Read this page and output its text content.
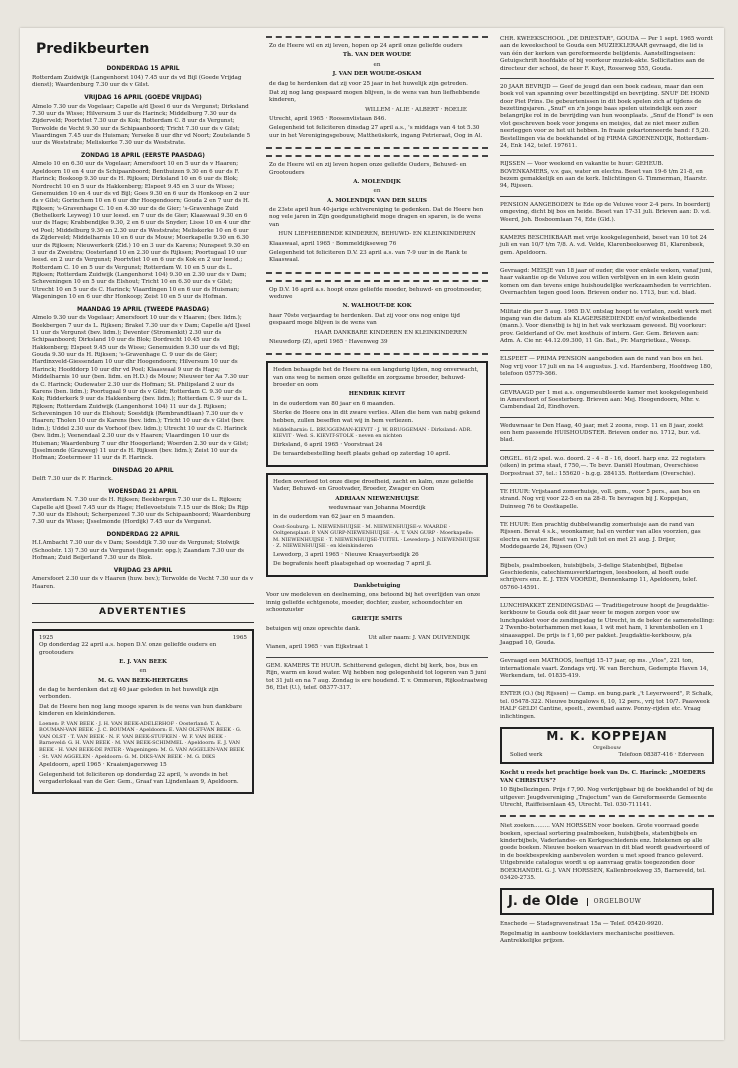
Predikbeurten
DONDERDAG 15 APRIL

Rotterdam Zuidwijk (Langenhorst 104) 7.45 uur ds vd Bijl (Goede Vrijdag dienst); Waardenburg 7.30 uur ds v Gilst.

VRIJDAG 16 APRIL (GOEDE VRIJDAG)

Almelo 7.30 uur ds Vogelaar; Capelle a/d IJssel 6 uur ds Vergunst; Dirksland 7.30 uur ds Wisse; Hilversum 3 uur ds Harinck; Middelburg 7.30 uur ds Zijderveld; Poortvliet 7.30 uur ds Kok; Rotterdam C. 8 uur ds Vergunst; Terwolde de Vecht 9.30 uur ds Schipaanboord; Tricht 7.30 uur ds v Gilst; Vlaardingen 7.45 uur ds Huisman; Yerseke 8 uur dhr vd Noort; Zoutelande 5 uur ds Weststrate; Meliskerke 7.30 uur ds Weststrate.

ZONDAG 18 APRIL (EERSTE PAASDAG)

Almelo 10 en 6.30 uur ds Vogelaar; Amersfoort 10 en 5 uur ds v Haaren; Apeldoorn 10 en 4 uur ds Schipaanboord; Benthuizen 9.30 en 6 uur ds F. Harinck; Boskoop 9.30 uur ds H. Rijksen; Dirksland 10 en 6 uur ds Blok; Nordrecht 10 en 5 uur ds Hakkenberg; Elspeet 9.45 en 3 uur ds Wisse; Genemuiden 10 en 4 uur ds vd Bijl; Goes 9.30 en 6 uur ds Honkoop en 2 uur ds v Gilst; Gorinchem 10 en 6 uur dhr Hoogendoorn; Gouda 2 en 7 uur ds H. Rijksen; 's-Gravenhage C. 10 en 4.30 uur ds de Gier; 's-Gravenhage Zuid (Bethelkerk Leyweg) 10 uur leesd. en 7 uur ds de Gier; Klaaswaal 9.30 en 6 uur ds Hage; Krabbendijke 9.30, 2 en 6 uur ds Snyder; Lisse 10 en 4 uur dhr vd Poel; Middelburg 9.30 en 2.30 uur ds Weststrate; Meliskerke 10 en 6 uur ds Zijderveld; Middelharnis 10 en 6 uur ds Mouw; Moerkapelle 9.30 en 6.30 uur ds Rijksen; Nieuwerkerk (Zld.) 10 en 3 uur ds Karens; Nunspeet 9.30 en 3 uur ds Zweistra; Oosterland 10 en 2.30 uur ds Rijksen; Poortugaal 10 uur leesd. en 2 uur ds Vergunst; Poortvliet 10 en 6 uur ds Kok en 2 uur leesd.; Rotterdam C. 10 en 5 uur ds Vergunst; Rotterdam W. 10 en 5 uur ds L. Rijksen; Rotterdam Zuidwijk (Langenhorst 104) 9.30 en 2.30 uur ds v Dam; Scheveningen 10 en 5 uur ds Elshout; Tricht 10 en 6.30 uur ds v Gilst; Utrecht 10 en 5 uur ds C. Harinck; Vlaardingen 10 en 6 uur ds Huisman; Wageningen 10 en 6 uur dhr Honkoop; Zeist 10 en 5 uur ds Hofman.

MAANDAG 19 APRIL (TWEEDE PAASDAG)

Almelo 9.30 uur ds Vogelaar; Amersfoort 10 uur ds v Haaren; (bev. lidm.); Beekbergen 7 uur ds L. Rijksen; Brakel 7.30 uur ds v Dam; Capelle a/d IJssel 11 uur ds Vergunst (bev. lidm.); Deventer (Stromenkit) 2.30 uur ds Schipaanboord; Dirksland 10 uur ds Blok; Dordrecht 10.45 uur ds Hakkenberg; Elspeet 9.45 uur ds Wisse; Genemuiden 9.30 uur ds vd Bijl; Gouda 9.30 uur ds H. Rijksen; 's-Gravenhage C. 9 uur ds de Gier; Hardinxveld-Giessendam 10 uur dhr Hoogendoorn; Hilversum 10 uur ds Harinck; Hoofddorp 10 uur dhr vd Poel; Klaaswaal 9 uur ds Hage; Middelharnis 10 uur (ben. lidm. en H.D.) ds Mouw; Nieuwer ter Aa 7.30 uur ds C. Harinck; Oudewater 2.30 uur ds Hofman; St. Philipsland 2 uur ds Karens (ben. lidm.); Poortugaal 9 uur ds v Gilst; Rotterdam C. 9.30 uur ds Kok; Ridderkerk 9 uur ds Hakkenberg (bev. lidm.); Rotterdam C. 9 uur ds L. Rijksen; Rotterdam Zuidwijk (Langenhorst 104) 11 uur ds J. Rijksen; Scheveningen 10 uur ds Elshout; Soestdijk (Rembrandtlaan) 7.30 uur ds v Haaren; Tholen 10 uur ds Karens (bev. lidm.); Tricht 10 uur ds v Gilst (bev. lidm.); Uddel 2.30 uur ds Vorhoof (bev. lidm.); Utrecht 10 uur ds C. Harinck (bev. lidm.); Veenendaal 2.30 uur ds v Haaren; Vlaardingen 10 uur ds Huisman; Waardenburg 7 uur dhr Hoogerland; Woerden 2.30 uur ds v Gilst; IJsselmonde (Grazweg) 11 uur ds H. Rijksen (bev. lidm.); Zeist 10 uur ds Hofman; Zoetermeer 11 uur ds F. Harinck.

DINSDAG 20 APRIL

Delft 7.30 uur ds F. Harinck.

WOENSDAG 21 APRIL

Amsterdam N. 7.30 uur ds H. Rijksen; Beekbergen 7.30 uur ds L. Rijksen; Capelle a/d IJssel 7.45 uur ds Hage; Hellevoetsluis 7.15 uur ds Blok; Ds Rijp 7.30 uur ds Elshout; Scherpenzeel 7.30 uur ds Schipaanboord; Waardenburg 7.30 uur ds Wisse; IJsselmonde (Hordijk) 7.45 uur ds Vergunst.

DONDERDAG 22 APRIL

H.I.Ambacht 7.30 uur ds v Dam; Soestdijk 7.30 uur ds Vergunst; Stolwijk (Schoolstr. 13) 7.30 uur ds Vergunst (tegenstr. opg.); Zaandam 7.30 uur ds Hofman; Zuid Beijerland 7.30 uur ds Blok.

VRIJDAG 23 APRIL

Amersfoort 2.30 uur ds v Haaren (huw. bev.); Terwolde de Vecht 7.30 uur ds v Haaren.

ADVERTENTIES
1925	1965

Op donderdag 22 april a.s. hopen D.V. onze geliefde ouders en grootouders

E. J. VAN BEEK

en

M. G. VAN BEEK-HERTGERS

de dag te herdenken dat zij 40 jaar geleden in het huwelijk zijn verbonden.

Dat de Heere hen nog lang mooge sparen is de wens van hun dankbare kinderen en kleinkinderen.

Loenen: P. VAN BEEK · J. H. VAN BEEK-ADELERHOF · Oosterland: T. A. BOUMAN-VAN BEEK · J. C. BOUMAN · Apeldoorn: E. VAN OLST-VAN BEEK · G. VAN OLST · T. VAN BEEK · N. F. VAN BEEK-STUFKEN · W. F. VAN BEEK · Barneveld: G. H. VAN BEEK · M. VAN BEEK-SCHIMMEL · Apeldoorn: E. J. VAN BEEK · H. VAN BEEK-DE PATER · Wageningen: M. G. VAN AGGELEN-VAN BEEK · St. VAN AGGELEN · Apeldoorn: G. M. DIKS-VAN BEEK · M. G. DIKS

Apeldoorn, april 1965 · Kraaienjagersweg 15

Gelegenheid tot feliciteren op donderdag 22 april, 's avonds in het vergaderlokaal van de Ger. Gem., Graaf van Lijndenlaan 9, Apeldoorn.

Zo de Heere wil en zij leven, hopen op 24 april onze geliefde ouders

Th. VAN DER WOUDE

en

J. VAN DER WOUDE-OSKAM

de dag te herdenken dat zij voor 25 jaar in het huwelijk zijn getreden.

Dat zij nog lang gespaard mogen blijven, is de wens van hun liefhebbende kinderen,

WILLEM · ALIE · ALBERT · ROELIE

Utrecht, april 1965 · Roosenvlistaan 846.

Gelegenheid tot feliciteren dinsdag 27 april a.s., 's middags van 4 tot 5.30 uur in het Verenigingsgebouw, Mattheüskerk, ingang Petrieraat, Oog in Al.

Zo de Heere wil en zij leven hopen onze geliefde Ouders, Behuwd- en Grootouders

A. MOLENDIJK

en

A. MOLENDIJK VAN DER SLUIS

de 23ste april hun 40-jarige echtvereniging te gedenken. Dat de Heere hen nog vele jaren in Zijn goedgunstigheid moge dragen en sparen, is de wens van

HUN LIEFHEBBENDE KINDEREN, BEHUWD- EN KLEINKINDEREN

Klaaswaal, april 1965 · Bommeldijkseweg 76

Gelegenheid tot feliciteren D.V. 23 april a.s. van 7-9 uur in de Rank te Klaaswaal.

Op D.V. 16 april a.s. hoopt onze geliefde moeder, behuwd- en grootmoeder, weduwe

N. WALHOUT-DE KOK

haar 70ste verjaardag te herdenken. Dat zij voor ons nog enige tijd gespaard moge blijven is de wens van

HAAR DANKBARE KINDEREN EN KLEINKINDEREN

Nieuwdorp (Z), april 1965 · Havenweg 39

Heden behaagde het de Heere na een langdurig lijden, nog onverwacht, van ons weg te nemen onze geliefde en zorgzame broeder, behuwd-broeder en oom

HENDRIK KIEVIT

in de ouderdom van 80 jaar en 6 maanden.

Sterke de Heere ons in dit zware verlies. Allen die hem van nabij gekend hebben, zullen beseffen wat wij in hem verliezen.

Middelharnis: L. BRUGGEMAN-KIEVIT · J. W. BRUGGEMAN · Dirksland: ADR. KIEVIT · Wed. S. KIEVIT-STOLK · neven en nichten

Dirksland, 6 april 1965 · Voorstraat 24

De teraardebestelling heeft plaats gehad op zaterdag 10 april.

Heden overleed tot onze diepe droefheid, zacht en kalm, onze geliefde Vader, Behuwd- en Grootvader, Broeder, Zwager en Oom

ADRIAAN NIEWENHUIJSE

weduwnaar van Johanna Moerdijk

in de ouderdom van 62 jaar en 5 maanden.

Oost-Souburg: L. NIEWENHUIJSE · M. NIEWENHUIJSE-v. WAARDE · Ooltgensplaat: P. VAN GURP-NIEWENHUIJSE · A. T. VAN GURP · Moerkapelle: M. NIEWENHUIJSE · T. NIEWENHUIJSE-TUITEL · Lewedorp: J. NIEWENHUIJSE · Z. NIEWENHUIJSE · en kleinkinderen

Lewedorp, 3 april 1965 · Nieuwe Kraayertsedijk 26

De begrafenis heeft plaatsgehad op woensdag 7 april jl.

Dankbetuiging

Voor uw medeleven en deelneming, ons betoond bij het overlijden van onze innig geliefde echtgenote, moeder, dochter, zuster, schoondochter en schoonzuster

GRIETJE SMITS

betuigen wij onze oprechte dank.

Uit aller naam: J. VAN DUIVENDIJK

Vianen, april 1965 · van Eijkstraat 1

GEM. KAMERS TE HUUR. Schitterend gelegen, dicht bij kerk, bos, bus en Rijn, warm en koud water. Wij hebben nog gelegenheid tot logeren van 5 juni tot 31 juli en na 7 aug. Zondag is ere houdend. T. v. Ommeren, Rijksstraatweg 56, Elst (U.), telef. 08377-317.

CHR. KWEEKSCHOOL „DE DRIESTAR", GOUDA — Per 1 sept. 1965 wordt aan de kweekschool te Gouda een MUZIEKLERAAR gevraagd, die lid is van één der kerken van gereformeerde belijdenis. Aanstellingseisen: Getuigschrift hoofdakte of bij voorkeur muziek-akte. Sollicitaties aan de directeur der school, de heer F. Kuyt, Rosseweg 555, Gouda.

20 JAAR BEVRIJD — Geef de jeugd dan een boek cadeau, maar dan een boek vol van spanning over bezettingstijd en bevrijding. SNUF DE HOND door Piet Prins. De gebeurtenissen in dit boek spelen zich af tijdens de bezettingsjaren. „Snuf" en z'n jonge baas spelen uiteindelijk een zeer belangrijke rol in de bevrijding van hun woonplaats. „Snuf de Hond" is een vlot geschreven boek voor jongens en meisjes, dat ze niet meer zullen neerleggen voor ze het uit hebben. In fraaie gekartonneerde band: f 5,20. Bestellingen via de boekhandel of bij FIRMA GROENENDIJK, Rotterdam-24, Enk 142, telef. 197611.

RIJSSEN — Voor weekend en vakantie te huur: GEHEUB. BOVENKAMERS, v.v. gas, water en electra. Beset van 19-6 t/m 21-8, en bezem gemakkelijk en aan de kerk. Inlichtingen G. Timmerman, Haarstr. 94, Rijssen.

PENSION AANGEBODEN te Ede op de Veluwe voor 2-4 pers. In boerderij omgeving, dicht bij bos en heide. Beset van 17-31 juli. Brieven aan: D. v.d. Weerd, Joh. Bosboomlaan 74, Ede (Gld.).

KAMERS BESCHIKBAAR met vrije kookgelegenheid, beset van 10 tot 24 juli en van 10/7 t/m 7/8. A. v.d. Velde, Klarenbeekseweg 81, Klarenbeek, gem. Apeldoorn.

Gevraagd: MEISJE van 18 jaar of ouder, die voor enkele weken, vanaf juni, haar vakantie op de Veluwe zou willen verblijven en in een klein gezin komen om dan tevens enige huishoudelijke werkzaamheden te verrichten. Overnachten tegen goed loon. Brieven onder no. 1713, bur. v.d. blad.

Militair die per 5 aug. 1965 D.V. ontslag hoopt te verlaten, zoekt werk met ingang van die datum als KLAGERSBEDIENDE en/of winkelbediende (mann.). Voor dienstbij is hij in het vak werkzaam geweest. Bij voorkeur: prov. Gelderland of Ov. met kosthuis of intern. Ger. Gem. Brieven aan: Adm. A. Cie nr. 44.12.09.300, 11 Gn. Bat., Pr. Margrietkaz., Weesp.

ELSPEET — PRIMA PENSION aangeboden aan de rand van bos en hei. Nog vrij voor 17 juli en na 14 augustus. J. v.d. Hardenberg, Hoofdweg 180, telefoon 05779-366.

GEVRAAGD per 1 mei a.s. ongemeubileerde kamer met kookgelegenheid in Amersfoort of Soesterberg. Brieven aan: Mej. Hoogendoorn, Mhr. v. Cambendaal 2d, Eindhoven.

Weduwnaar te Den Haag, 40 jaar, met 2 zoons, resp. 11 en 8 jaar, zoekt een hem passende HUISHOUDSTER. Brieven onder no. 1712, bur. v.d. blad.

ORGEL. 61/2 spel. w.o. doord. 2 - 4 - 8 - 16, doorl. harp enz. 22 registers (siken) in prima staat, f 750,—. Te bevr. Daniël Houtman, Overschiese Dorpsstraat 37, tel.: 155620 - b.g.g. 284135. Rotterdam (Overschie).

TE HUUR: Vrijstaand zomerhuisje, voll. gem., voor 5 pers., aan bos en strand. Nog vrij voor 22-5 en na 28-8. Te bevragen bij J. Koppejan, Duinweg 76 te Oostkapelle.

TE HUUR: Een prachtig dubbelwandig zomerhuisje aan de rand van Rijssen. Bevat 4 s.k., woonkamer, hal en verder van alles voorzien, gas electra en water. Beset van 17 juli tot en met 21 aug. J. Drijer, Moddegaarde 24, Rijssen (Ov.)

Bijbels, psalmboeken, huisbijbels, 3-delige Statenbijbel, Bijbelse Geschiedenis, catechismusverklaringen, leesboeken, al heeft oude schrijvers enz. E. J. TEN VOORDE, Dennenkamp 11, Apeldoorn, telef. 05760-14591.

LUNCHPAKKET ZENDINGSDAG — Traditiegetrouw hoopt de Jeugdaktie-kerkbouw te Gouda ook dit jaar weer te mogen zorgen voor uw lunchpakket voor de zendingsdag te Utrecht, in de beker de samenstelling: 2 Twenbo-boterhammen met kaas, 1 wit met ham, 1 krentenbollen en 1 sinaasappel. De prijs is f 1,60 per pakket. Jeugdaktie-kerkbouw, p/a Jaagpad 10, Gouda.

Gevraagd een MATROOS, leeftijd 15-17 jaar, op ms. „Vlos", 221 ton, internationale vaart. Zondags vrij. W. van Berchum, Gedempte Haven 14, Werkendam, tel. 01835-419.

ENTER (O.) (bij Rijssen) — Camp. en bung.park „'t Leyerweerd", P. Schalk, tel. 05478-322. Nieuwe bungalows 6, 10, 12 pers., vrij tot 10/7. Paasweek HALF GELD! Cantine, speelt., zwembad aanw. Ponny-rijden etc. Vraag inlichtingen.

M. K. KOPPEJAN
Orgelbouw
Solied werk	Telefoon 08387-416 · Ederveen

Kocht u reeds het prachtige boek van Ds. C. Harinck: „MOEDERS VAN CHRISTUS"?

10 Bijbellezingen. Prijs f 7,90. Nog verkrijgbaar bij de boekhandel of bij de uitgever: Jeugdvereniging „Trajectum" van de Gereformeerde Gemeente Utrecht, Raiffeisenlaan 45, Utrecht. Tel. 030-711141.

Niet zoeken......... VAN HORSSEN voor boeken. Grote voorraad goede boeken, speciaal sortering psalmboeken, huisbijbels, statenbijbels en kinderbijbels, Vaderlandse- en Kerkgeschiedenis enz. Intekenen op alle goede boeken. Nieuwe boeken waarvan in dit blad wordt geadverteerd of in de boekbespreking aanbevolen worden u met spoed franco geleverd. Uitgebreide catalogus wordt u op aanvraag gratis toegezonden door BOEKHANDEL G. J. VAN HORSSEN, Kallenbroekweg 35, Barneveld, tel. 03420-2735.

J. de Olde	ORGELBOUW

Enschede — Stadsgravenstraat 15a — Telef. 05420-9920.

Regelmatig in aanbouw toekklaviers mechanische positieven. Aantrekkelijke prijzen.
